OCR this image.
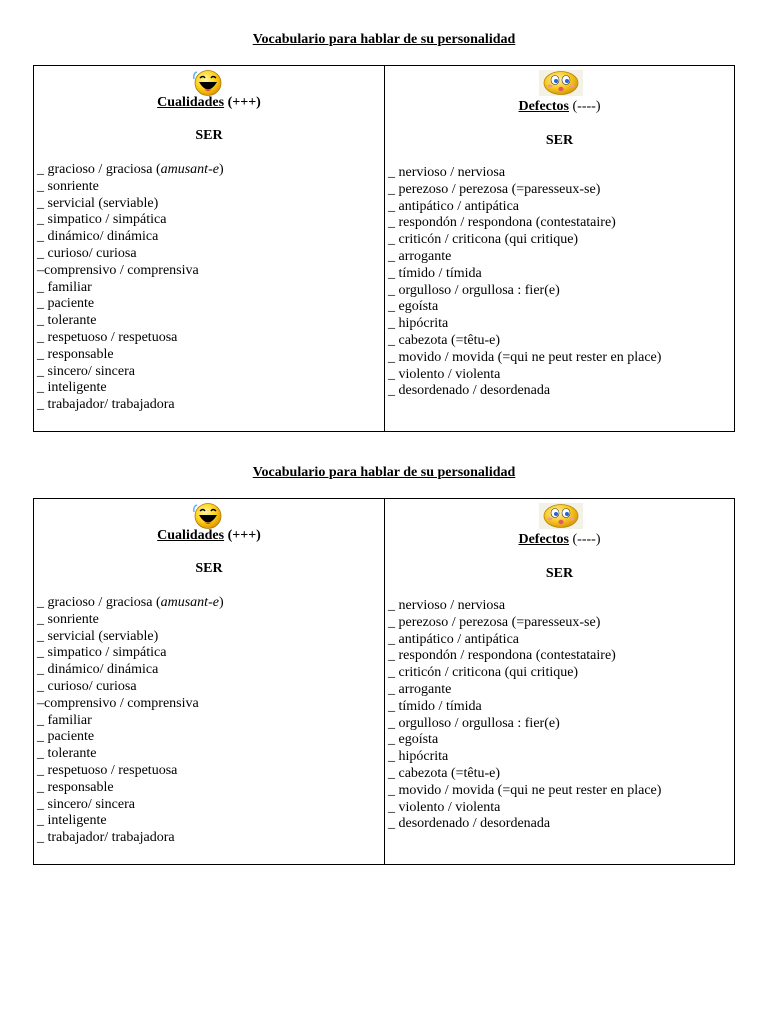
Vocabulario para hablar de su personalidad
Cualidades (+++)
SER
_ gracioso / graciosa (amusant-e)
_ sonriente
_ servicial (serviable)
_ simpatico / simpática
_ dinámico/ dinámica
_ curioso/ curiosa
–comprensivo / comprensiva
_ familiar
_ paciente
_ tolerante
_ respetuoso / respetuosa
_ responsable
_ sincero/ sincera
_ inteligente
_ trabajador/ trabajadora
Defectos (----)
SER
_ nervioso / nerviosa
_ perezoso / perezosa (=paresseux-se)
_ antipático / antipática
_ respondón / respondona (contestataire)
_ criticón / criticona (qui critique)
_ arrogante
_ tímido / tímida
_ orgulloso / orgullosa : fier(e)
_ egoísta
_ hipócrita
_ cabezota (=têtu-e)
_ movido / movida (=qui ne peut rester en place)
_ violento / violenta
_ desordenado / desordenada
Vocabulario para hablar de su personalidad
Cualidades (+++)
SER
_ gracioso / graciosa (amusant-e)
_ sonriente
_ servicial (serviable)
_ simpatico / simpática
_ dinámico/ dinámica
_ curioso/ curiosa
–comprensivo / comprensiva
_ familiar
_ paciente
_ tolerante
_ respetuoso / respetuosa
_ responsable
_ sincero/ sincera
_ inteligente
_ trabajador/ trabajadora
Defectos (----)
SER
_ nervioso / nerviosa
_ perezoso / perezosa (=paresseux-se)
_ antipático / antipática
_ respondón / respondona (contestataire)
_ criticón / criticona (qui critique)
_ arrogante
_ tímido / tímida
_ orgulloso / orgullosa : fier(e)
_ egoísta
_ hipócrita
_ cabezota (=têtu-e)
_ movido / movida (=qui ne peut rester en place)
_ violento / violenta
_ desordenado / desordenada
